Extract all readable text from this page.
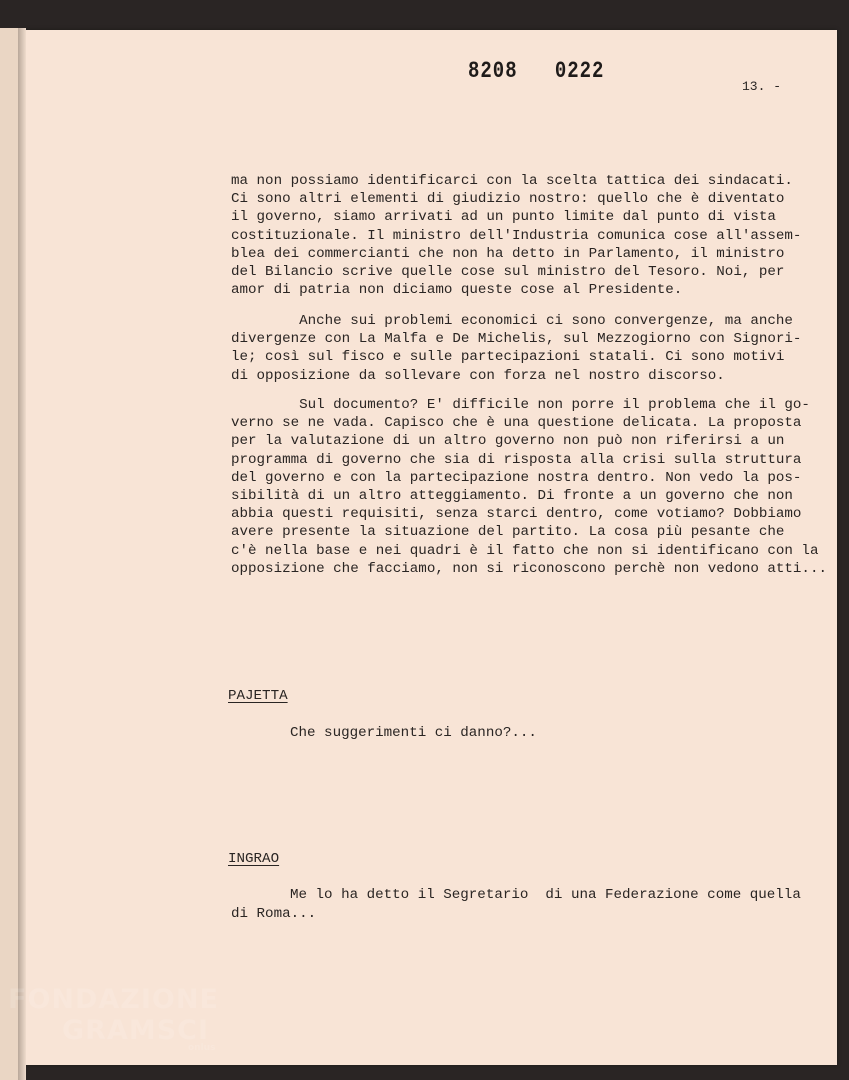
8208   0222
13. -

ma non possiamo identificarci con la scelta tattica dei sindacati.
Ci sono altri elementi di giudizio nostro: quello che è diventato
il governo, siamo arrivati ad un punto limite dal punto di vista
costituzionale. Il ministro dell'Industria comunica cose all'assem-
blea dei commercianti che non ha detto in Parlamento, il ministro
del Bilancio scrive quelle cose sul ministro del Tesoro. Noi,
amor di patria non diciamo queste cose al Presidente.

Anche sui problemi economici ci sono convergenze, ma
divergenze con La Malfa e De Michelis, sul Mezzogiorno con Signori-
le; così sul fisco e sulle partecipazioni statali. Ci sono motivi
di opposizione da sollevare con forza nel nostro discorso.

Sul documento? E' difficile non porre il problema che il
verno se ne vada. Capisco che è una questione delicata. La proposta
per la valutazione di un altro governo non può non riferirsi a
programma di governo che sia di risposta alla crisi sulla struttura
del governo e con la partecipazione nostra dentro. Non vedo la
sibilità di un altro atteggiamento. Di fronte a un governo che
abbia questi requisiti, senza starci dentro, come votiamo? Dobbiamo
avere presente la situazione del partito. La cosa più pesante
c'è nella base e nei quadri è il fatto che non si identificano
opposizione che facciamo, non si riconoscono perchè non vedono

PAJETTA
Che suggerimenti ci danno?...
INGRAO
Me lo ha detto il Segretario  di una Federazione come quella
di Roma...
FONDAZIONE
GRAMSCI
onlus
